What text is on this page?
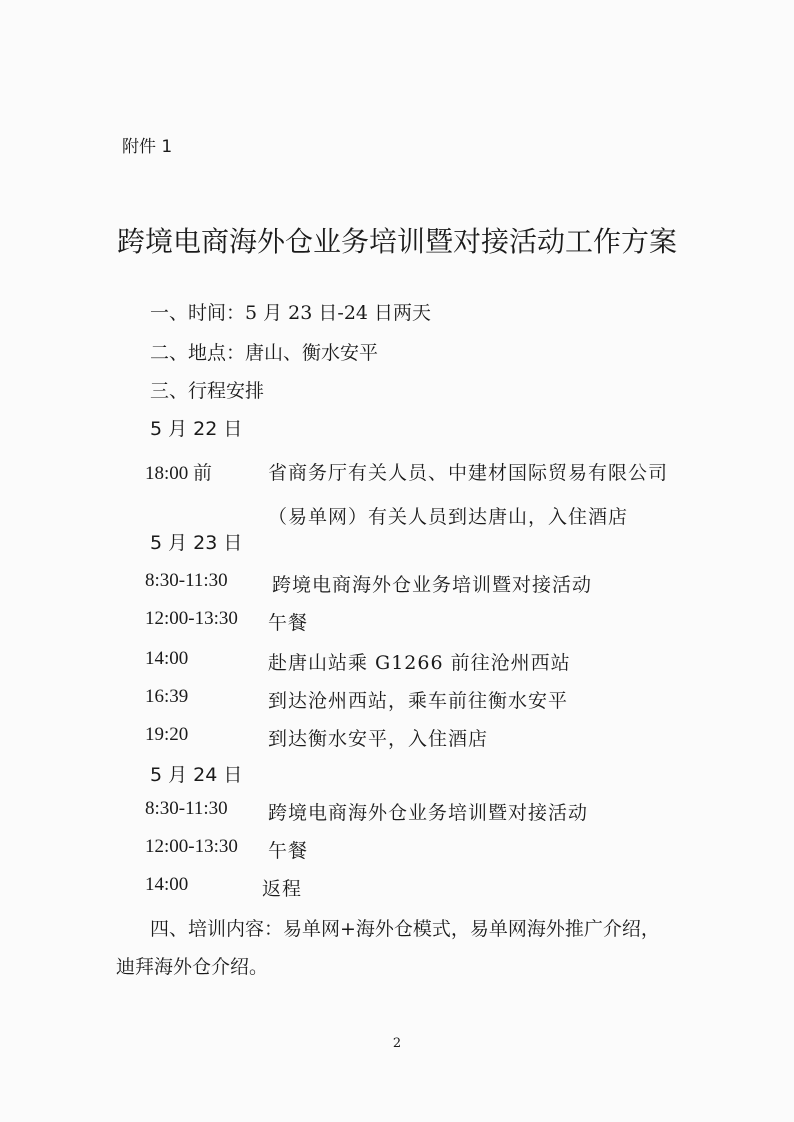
附件 1
跨境电商海外仓业务培训暨对接活动工作方案
一、时间：5 月 23 日-24 日两天
二、地点：唐山、衡水安平
三、行程安排
5 月 22 日
18:00 前	省商务厅有关人员、中建材国际贸易有限公司
（易单网）有关人员到达唐山，入住酒店
5 月 23 日
8:30-11:30 跨境电商海外仓业务培训暨对接活动
12:00-13:30 午餐
14:00	赴唐山站乘 G1266 前往沧州西站
16:39	到达沧州西站，乘车前往衡水安平
19:20	到达衡水安平，入住酒店
5 月 24 日
8:30-11:30 跨境电商海外仓业务培训暨对接活动
12:00-13:30 午餐
14:00	返程
四、培训内容：易单网+海外仓模式，易单网海外推广介绍，
迪拜海外仓介绍。
2
